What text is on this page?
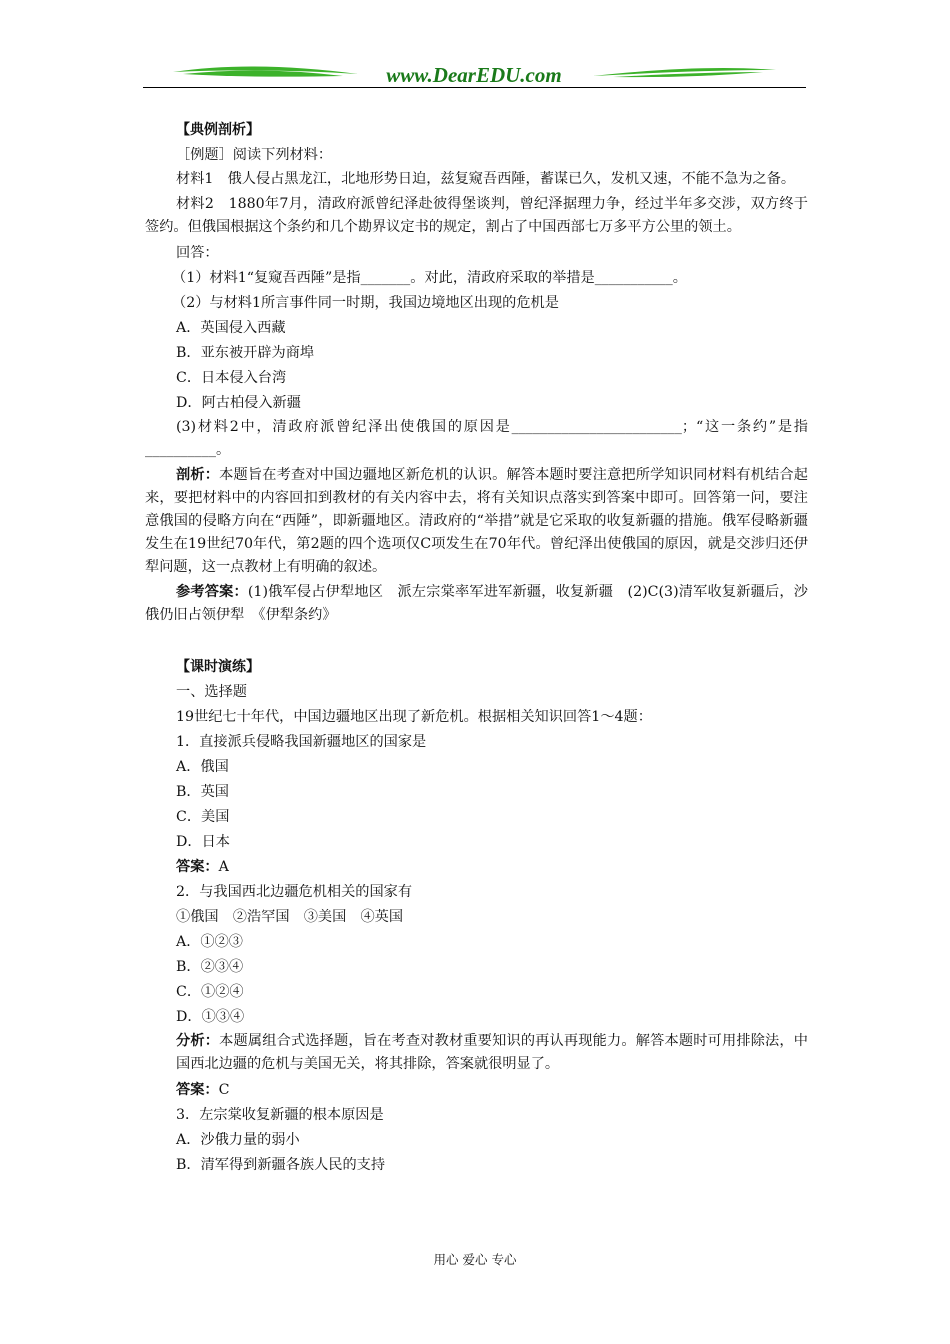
www.DearEDU.com
【典例剖析】
［例题］阅读下列材料：
材料1　俄人侵占黑龙江，北地形势日迫，兹复窥吾西陲，蓄谋已久，发机又速，不能不急为之备。
材料2　1880年7月，清政府派曾纪泽赴彼得堡谈判，曾纪泽据理力争，经过半年多交涉，双方终于签约。但俄国根据这个条约和几个勘界议定书的规定，割占了中国西部七万多平方公里的领土。
回答：
（1）材料1“复窥吾西陲”是指_______。对此，清政府采取的举措是___________。
（2）与材料1所言事件同一时期，我国边境地区出现的危机是
A．英国侵入西藏
B．亚东被开辟为商埠
C．日本侵入台湾
D．阿古柏侵入新疆
(3)材料2中，清政府派曾纪泽出使俄国的原因是________________________；“这一条约”是指__________。
剖析：本题旨在考查对中国边疆地区新危机的认识。解答本题时要注意把所学知识同材料有机结合起来，要把材料中的内容回扣到教材的有关内容中去，将有关知识点落实到答案中即可。回答第一问，要注意俄国的侵略方向在“西陲”，即新疆地区。清政府的“举措”就是它采取的收复新疆的措施。俄军侵略新疆发生在19世纪70年代，第2题的四个选项仅C项发生在70年代。曾纪泽出使俄国的原因，就是交涉归还伊犁问题，这一点教材上有明确的叙述。
参考答案：(1)俄军侵占伊犁地区　派左宗棠率军进军新疆，收复新疆　(2)C(3)清军收复新疆后，沙俄仍旧占领伊犁　《伊犁条约》
【课时演练】
一、选择题
19世纪七十年代，中国边疆地区出现了新危机。根据相关知识回答1～4题：
1．直接派兵侵略我国新疆地区的国家是
A．俄国
B．英国
C．美国
D．日本
答案：A
2．与我国西北边疆危机相关的国家有
①俄国　②浩罕国　③美国　④英国
A．①②③
B．②③④
C．①②④
D．①③④
分析：本题属组合式选择题，旨在考查对教材重要知识的再认再现能力。解答本题时可用排除法，中国西北边疆的危机与美国无关，将其排除，答案就很明显了。
答案：C
3．左宗棠收复新疆的根本原因是
A．沙俄力量的弱小
B．清军得到新疆各族人民的支持
用心 爱心 专心
